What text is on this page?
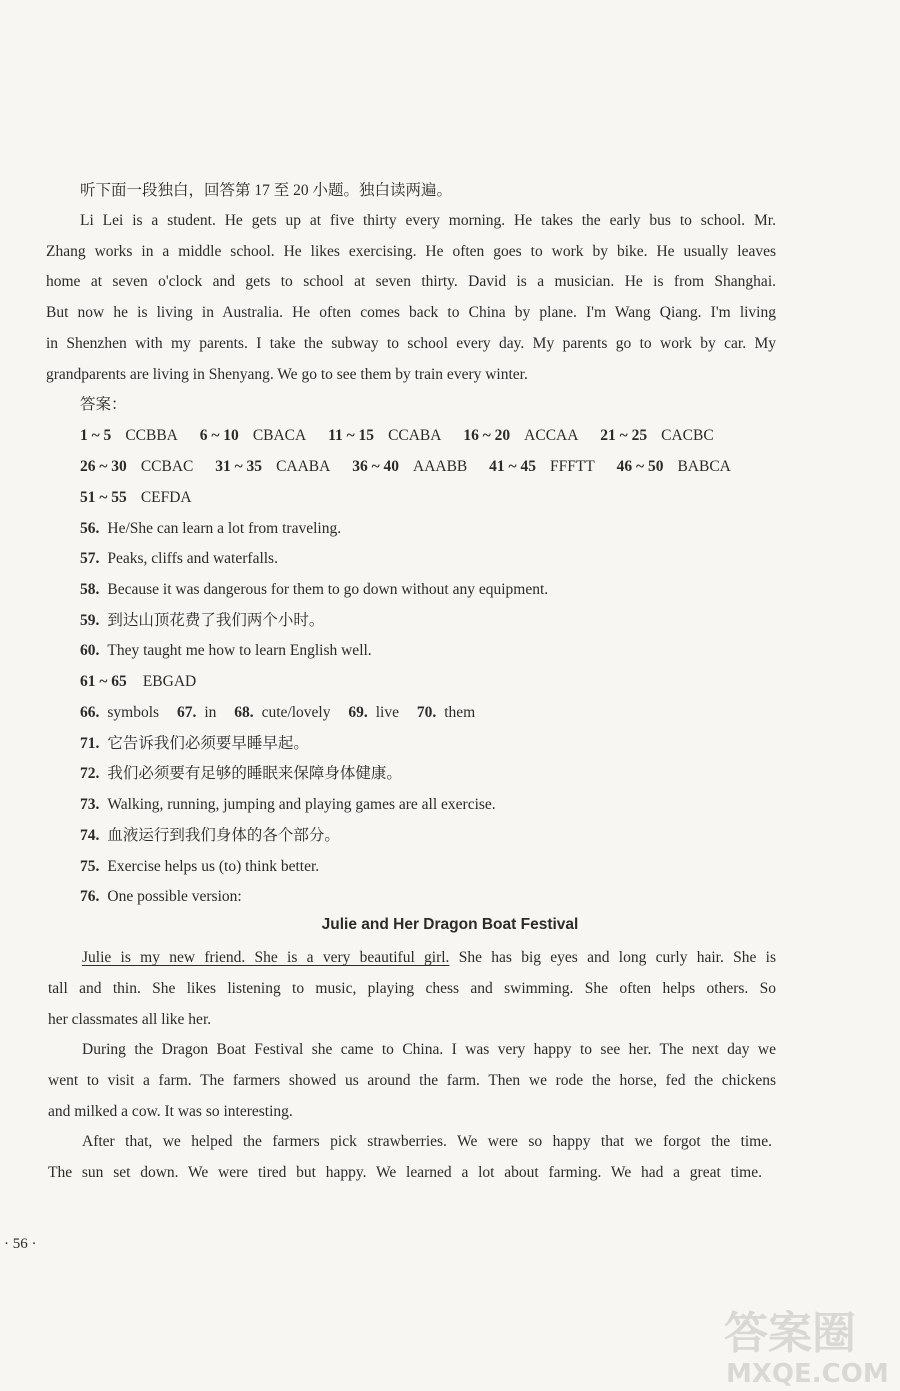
听下面一段独白，回答第 17 至 20 小题。独白读两遍。
Li Lei is a student. He gets up at five thirty every morning. He takes the early bus to school. Mr.
Zhang works in a middle school. He likes exercising. He often goes to work by bike. He usually leaves
home at seven o'clock and gets to school at seven thirty. David is a musician. He is from Shanghai.
But now he is living in Australia. He often comes back to China by plane. I'm Wang Qiang. I'm living
in Shenzhen with my parents. I take the subway to school every day. My parents go to work by car. My
grandparents are living in Shenyang. We go to see them by train every winter.
答案：
1 ~ 5 CCBBA 6 ~ 10 CBACA 11 ~ 15 CCABA 16 ~ 20 ACCAA 21 ~ 25 CACBC
26 ~ 30 CCBAC 31 ~ 35 CAABA 36 ~ 40 AAABB 41 ~ 45 FFFTT 46 ~ 50 BABCA
51 ~ 55 CEFDA
56. He/She can learn a lot from traveling.
57. Peaks, cliffs and waterfalls.
58. Because it was dangerous for them to go down without any equipment.
59. 到达山顶花费了我们两个小时。
60. They taught me how to learn English well.
61 ~ 65 EBGAD
66. symbols 67. in 68. cute/lovely 69. live 70. them
71. 它告诉我们必须要早睡早起。
72. 我们必须要有足够的睡眠来保障身体健康。
73. Walking, running, jumping and playing games are all exercise.
74. 血液运行到我们身体的各个部分。
75. Exercise helps us (to) think better.
76. One possible version:
Julie and Her Dragon Boat Festival
Julie is my new friend. She is a very beautiful girl. She has big eyes and long curly hair. She is
tall and thin. She likes listening to music, playing chess and swimming. She often helps others. So
her classmates all like her.
During the Dragon Boat Festival she came to China. I was very happy to see her. The next day we
went to visit a farm. The farmers showed us around the farm. Then we rode the horse, fed the chickens
and milked a cow. It was so interesting.
After that, we helped the farmers pick strawberries. We were so happy that we forgot the time.
The sun set down. We were tired but happy. We learned a lot about farming. We had a great time.
· 56 ·
答案圈
MXQE.COM
